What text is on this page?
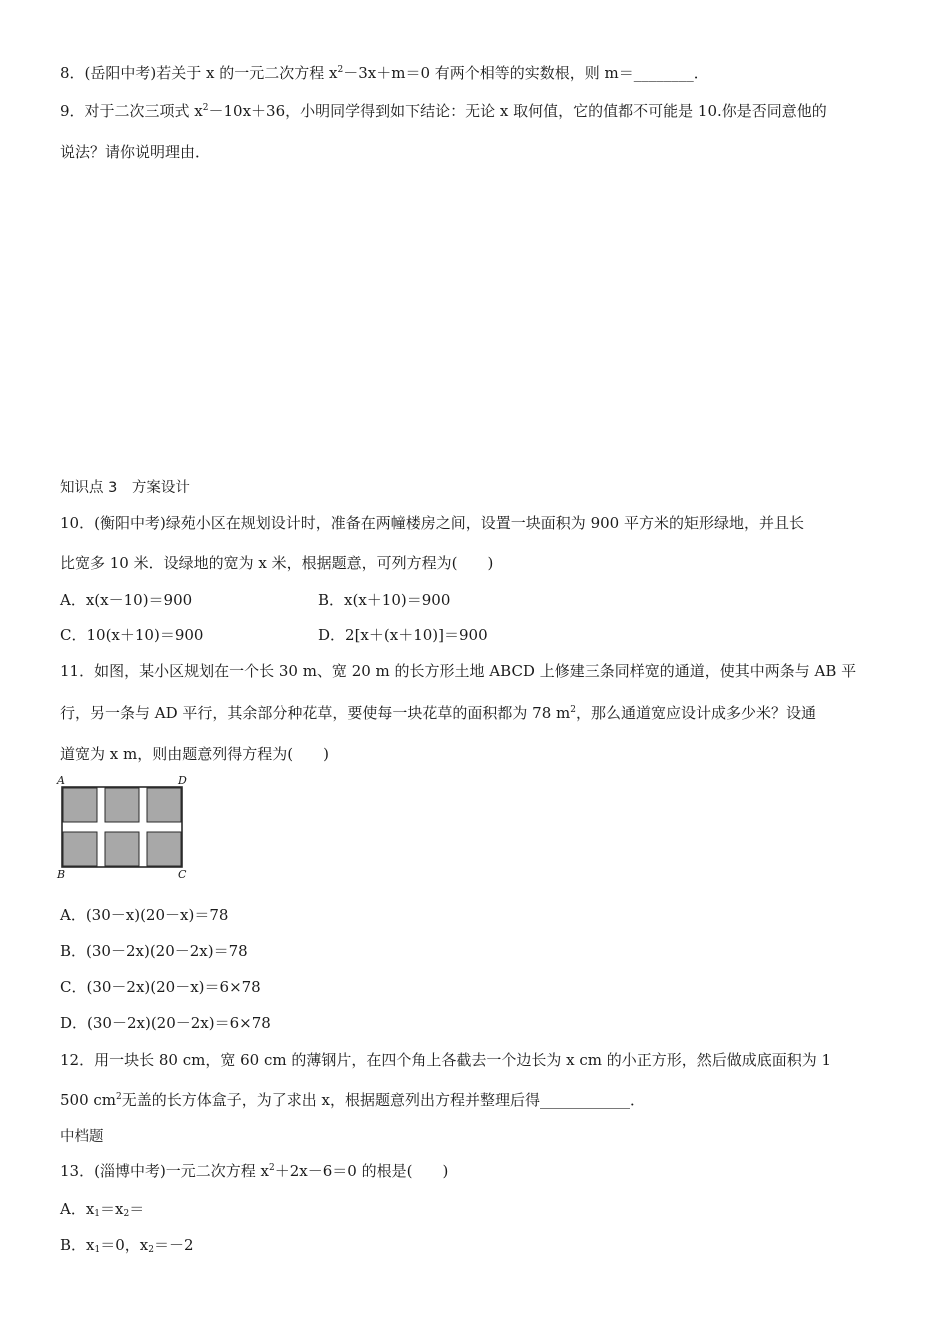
8．(岳阳中考)若关于 x 的一元二次方程 $x^2-3x+m=0$ 有两个相等的实数根，则 m＝________．
9．对于二次三项式 $x^2-10x+36$，小明同学得到如下结论：无论 x 取何值，它的值都不可能是 10.你是否同意他的
说法？请你说明理由．
知识点 3　方案设计
10．(衡阳中考)绿苑小区在规划设计时，准备在两幢楼房之间，设置一块面积为 900 平方米的矩形绿地，并且长
比宽多 10 米．设绿地的宽为 x 米，根据题意，可列方程为(　　)
A．x(x－10)＝900	B．x(x＋10)＝900
C．10(x＋10)＝900	D．2[x＋(x＋10)]＝900
11．如图，某小区规划在一个长 30 m、宽 20 m 的长方形土地 ABCD 上修建三条同样宽的通道，使其中两条与 AB 平
行，另一条与 AD 平行，其余部分种花草，要使每一块花草的面积都为 78 $m^2$，那么通道宽应设计成多少米？设通
道宽为 x m，则由题意列得方程为(　　)
A	D
B	C
A．(30－x)(20－x)＝78
B．(30－2x)(20－2x)＝78
C．(30－2x)(20－x)＝6×78
D．(30－2x)(20－2x)＝6×78
12．用一块长 80 cm，宽 60 cm 的薄钢片，在四个角上各截去一个边长为 x cm 的小正方形，然后做成底面积为 1
500 $cm^2$无盖的长方体盒子，为了求出 x，根据题意列出方程并整理后得____________．
中档题
13．(淄博中考)一元二次方程 $x^2+2x-6=0$ 的根是(　　)
A．$x_1=x_2=$
B．$x_1=0$，$x_2=-2$
